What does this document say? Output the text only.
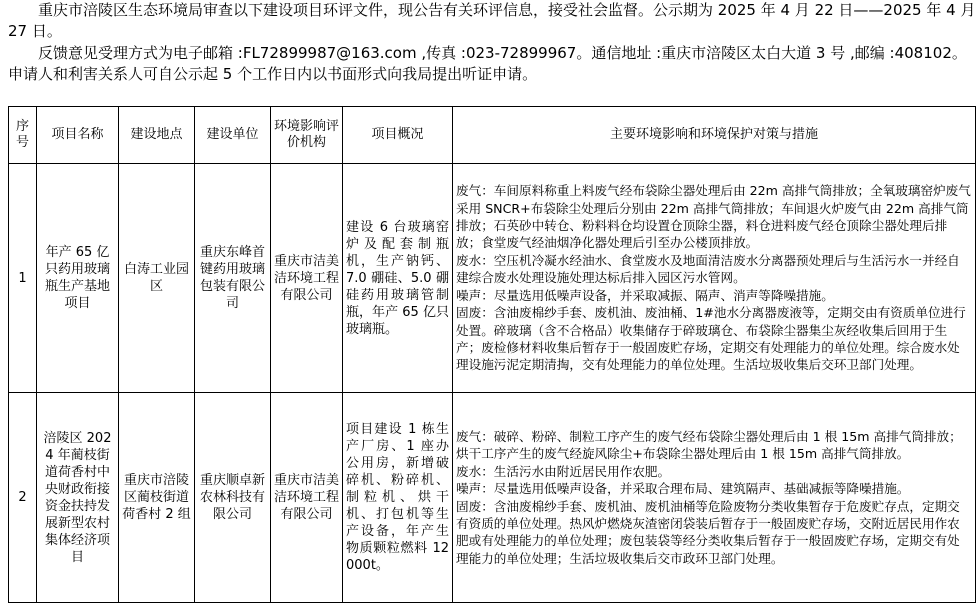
重庆市涪陵区生态环境局审查以下建设项目环评文件，现公告有关环评信息，接受社会监督。公示期为 2025 年 4 月 22 日——2025 年 4 月 27 日。

反馈意见受理方式为电子邮箱 :FL72899987@163.com ,传真 :023-72899967。通信地址 :重庆市涪陵区太白大道 3 号 ,邮编 :408102。申请人和利害关系人可自公示起 5 个工作日内以书面形式向我局提出听证申请。

序号	项目名称	建设地点	建设单位	环境影响评价机构	项目概况	主要环境影响和环境保护对策与措施
1	年产 65 亿只药用玻璃瓶生产基地项目	白涛工业园区	重庆东峰首键药用玻璃包装有限公司	重庆市洁美洁环境工程有限公司	建设 6 台玻璃窑炉及配套制瓶机，生产钠钙、7.0 硼硅、5.0 硼硅药用玻璃管制瓶，年产 65 亿只玻璃瓶。	废气：车间原料称重上料废气经布袋除尘器处理后由 22m 高排气筒排放；全氧玻璃窑炉废气采用 SNCR+布袋除尘处理后分别由 22m 高排气筒排放；车间退火炉废气由 22m 高排气筒排放；石英砂中转仓、粉料料仓均设置仓顶除尘器，料仓进料废气经仓顶除尘器处理后排放；食堂废气经油烟净化器处理后引至办公楼顶排放。
废水：空压机冷凝水经油水、食堂废水及地面清洁废水分离器预处理后与生活污水一并经自建综合废水处理设施处理达标后排入园区污水管网。
噪声：尽量选用低噪声设备，并采取减振、隔声、消声等降噪措施。
固废：含油废棉纱手套、废机油、废油桶、1#池水分离器废液等，定期交由有资质单位进行处置。碎玻璃（含不合格品）收集储存于碎玻璃仓、布袋除尘器集尘灰经收集后回用于生产；废检修材料收集后暂存于一般固废贮存场，定期交有处理能力的单位处理。综合废水处理设施污泥定期清掏，交有处理能力的单位处理。生活垃圾收集后交环卫部门处理。

2	涪陵区 2024 年蔺枝街道荷香村中央财政衔接资金扶持发展新型农村集体经济项目	重庆市涪陵区蔺枝街道荷香村 2 组	重庆顺卓新农林科技有限公司	重庆市洁美洁环境工程有限公司	项目建设 1 栋生产厂房、1 座办公用房，新增破碎机、粉碎机、制粒机、烘干机、打包机等生产设备，年产生物质颗粒燃料 12000t。	废气：破碎、粉碎、制粒工序产生的废气经布袋除尘器处理后由 1 根 15m 高排气筒排放；烘干工序产生的废气经旋风除尘+布袋除尘器处理后由 1 根 15m 高排气筒排放。
废水：生活污水由附近居民用作农肥。
噪声：尽量选用低噪声设备，并采取合理布局、建筑隔声、基础减振等降噪措施。
固废：含油废棉纱手套、废机油、废机油桶等危险废物分类收集暂存于危废贮存点，定期交有资质的单位处理。热风炉燃烧灰渣密闭袋装后暂存于一般固废贮存场，交附近居民用作农肥或有处理能力的单位处理；废包装袋等经分类收集后暂存于一般固废贮存场，定期交有处理能力的单位处理；生活垃圾收集后交市政环卫部门处理。
